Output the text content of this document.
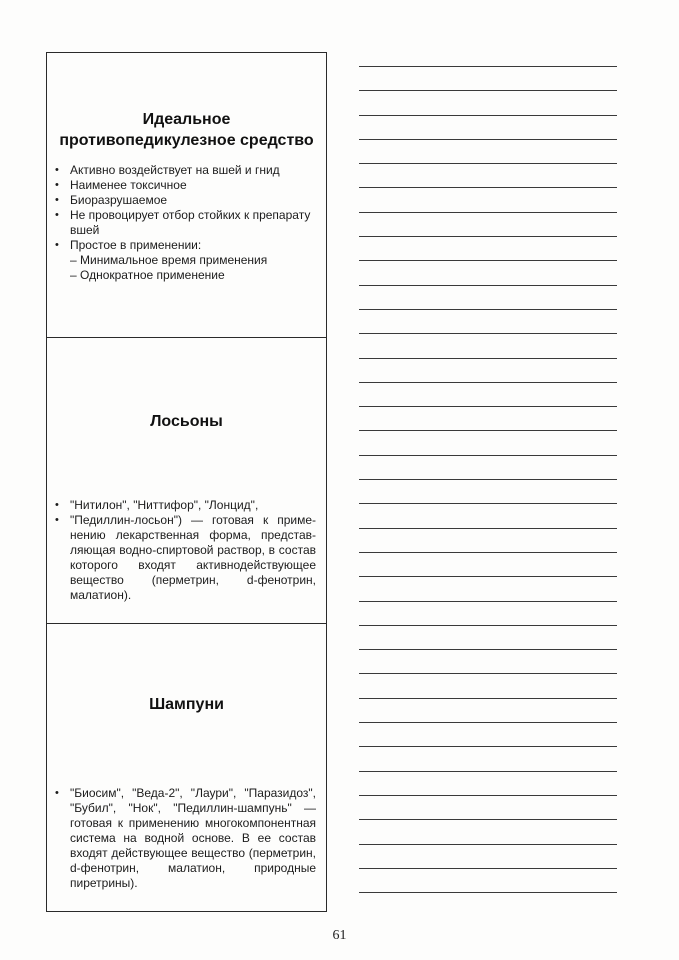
Идеальное
противопедикулезное средство
• Активно воздействует на вшей и гнид
• Наименее токсичное
• Биоразрушаемое
• Не провоцирует отбор стойких к препарату вшей
• Простое в применении:
– Минимальное время применения
– Однократное применение
Лосьоны
• "Нитилон", "Ниттифор", "Лонцид",
• "Педиллин-лосьон") — готовая к применению лекарственная форма, представляющая водно-спиртовой раствор, в состав которого входят активнодействующее вещество (перметрин, d-фенотрин, малатион).
Шампуни
• "Биосим", "Веда-2", "Лаури", "Паразидоз", "Бубил", "Нок", "Педиллин-шампунь" — готовая к применению многокомпонентная система на водной основе. В ее состав входят действующее вещество (перметрин, d-фенотрин, малатион, природные пиретрины).
61
